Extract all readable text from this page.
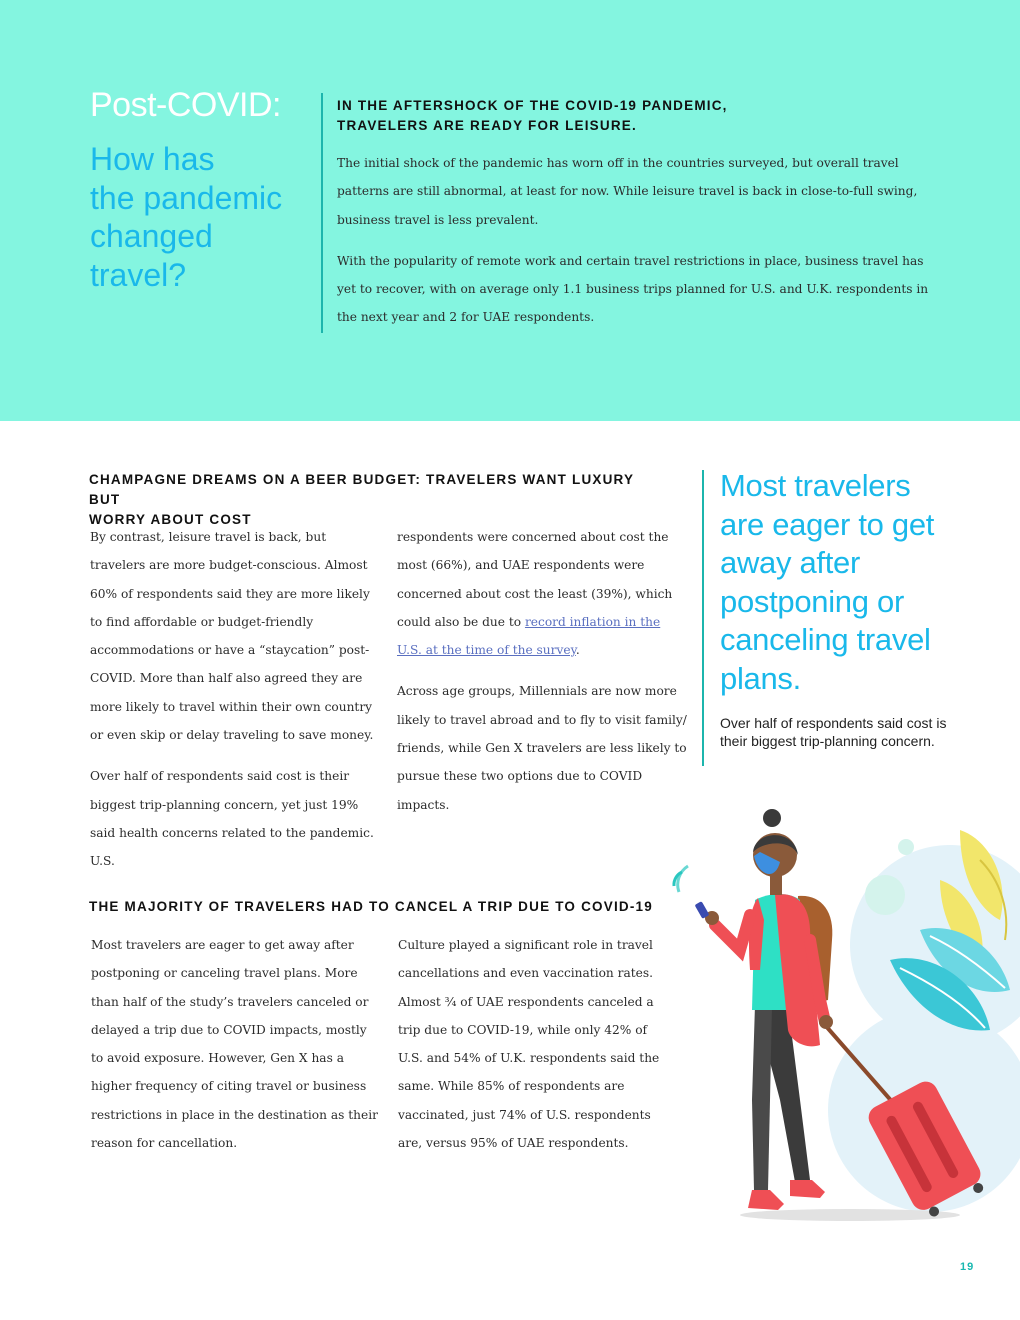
Post-COVID:
How has
the pandemic
changed
travel?

IN THE AFTERSHOCK OF THE COVID-19 PANDEMIC,
TRAVELERS ARE READY FOR LEISURE.

The initial shock of the pandemic has worn off in the countries surveyed, but overall travel patterns are still abnormal, at least for now. While leisure travel is back in close-to-full swing, business travel is less prevalent.

With the popularity of remote work and certain travel restrictions in place, business travel has yet to recover, with on average only 1.1 business trips planned for U.S. and U.K. respondents in the next year and 2 for UAE respondents.

CHAMPAGNE DREAMS ON A BEER BUDGET: TRAVELERS WANT LUXURY BUT
WORRY ABOUT COST

By contrast, leisure travel is back, but travelers are more budget-conscious. Almost 60% of respondents said they are more likely to find affordable or budget-friendly accommodations or have a “staycation” post-COVID. More than half also agreed they are more likely to travel within their own country or even skip or delay traveling to save money.

Over half of respondents said cost is their biggest trip-planning concern, yet just 19% said health concerns related to the pandemic. U.S.

respondents were concerned about cost the most (66%), and UAE respondents were concerned about cost the least (39%), which could also be due to record inflation in the U.S. at the time of the survey.

Across age groups, Millennials are now more likely to travel abroad and to fly to visit family/ friends, while Gen X travelers are less likely to pursue these two options due to COVID impacts.

Most travelers are eager to get away after postponing or canceling travel plans.
Over half of respondents said cost is their biggest trip-planning concern.

THE MAJORITY OF TRAVELERS HAD TO CANCEL A TRIP DUE TO COVID-19

Most travelers are eager to get away after postponing or canceling travel plans. More than half of the study’s travelers canceled or delayed a trip due to COVID impacts, mostly to avoid exposure. However, Gen X has a higher frequency of citing travel or business restrictions in place in the destination as their reason for cancellation.

Culture played a significant role in travel cancellations and even vaccination rates. Almost ¾ of UAE respondents canceled a trip due to COVID-19, while only 42% of U.S. and 54% of U.K. respondents said the same. While 85% of respondents are vaccinated, just 74% of U.S. respondents are, versus 95% of UAE respondents.

19
